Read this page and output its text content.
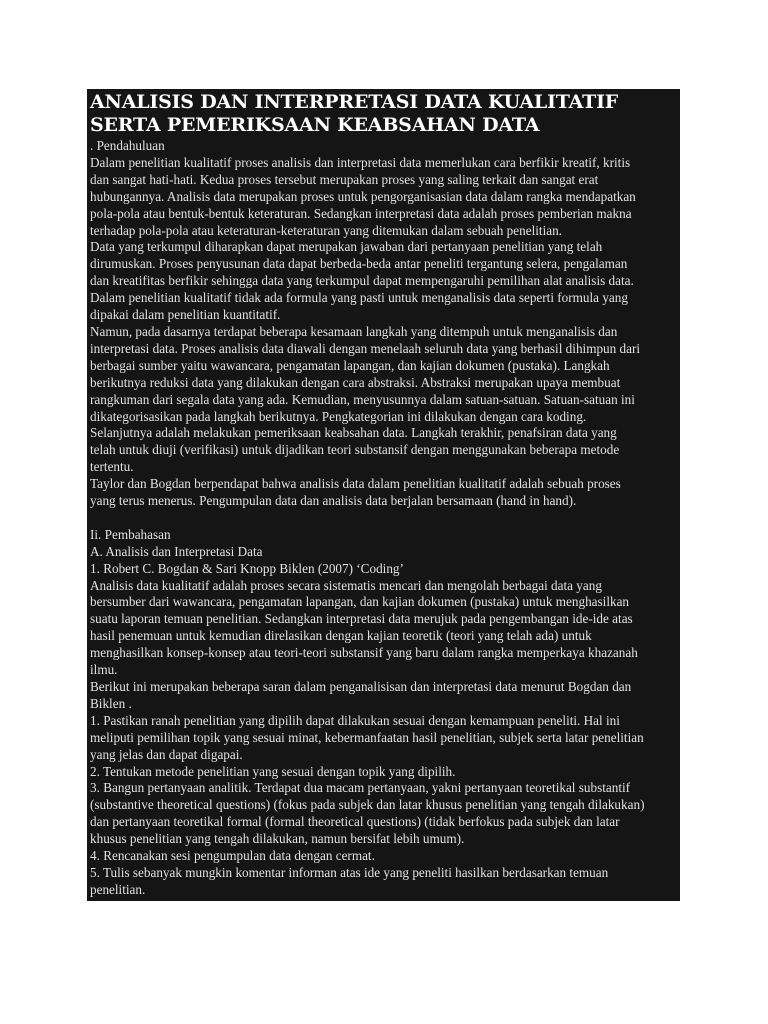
ANALISIS DAN INTERPRETASI DATA KUALITATIF SERTA PEMERIKSAAN KEABSAHAN DATA
. Pendahuluan
Dalam penelitian kualitatif proses analisis dan interpretasi data memerlukan cara berfikir kreatif, kritis
dan sangat hati-hati. Kedua proses tersebut merupakan proses yang saling terkait dan sangat erat
hubungannya. Analisis data merupakan proses untuk pengorganisasian data dalam rangka mendapatkan
pola-pola atau bentuk-bentuk keteraturan. Sedangkan interpretasi data adalah proses pemberian makna
terhadap pola-pola atau keteraturan-keteraturan yang ditemukan dalam sebuah penelitian.
Data yang terkumpul diharapkan dapat merupakan jawaban dari pertanyaan penelitian yang telah
dirumuskan. Proses penyusunan data dapat berbeda-beda antar peneliti tergantung selera, pengalaman
dan kreatifitas berfikir sehingga data yang terkumpul dapat mempengaruhi pemilihan alat analisis data.
Dalam penelitian kualitatif tidak ada formula yang pasti untuk menganalisis data seperti formula yang
dipakai dalam penelitian kuantitatif.
Namun, pada dasarnya terdapat beberapa kesamaan langkah yang ditempuh untuk menganalisis dan
interpretasi data. Proses analisis data diawali dengan menelaah seluruh data yang berhasil dihimpun dari
berbagai sumber yaitu wawancara, pengamatan lapangan, dan kajian dokumen (pustaka). Langkah
berikutnya reduksi data yang dilakukan dengan cara abstraksi. Abstraksi merupakan upaya membuat
rangkuman dari segala data yang ada. Kemudian, menyusunnya dalam satuan-satuan. Satuan-satuan ini
dikategorisasikan pada langkah berikutnya. Pengkategorian ini dilakukan dengan cara koding.
Selanjutnya adalah melakukan pemeriksaan keabsahan data. Langkah terakhir, penafsiran data yang
telah untuk diuji (verifikasi) untuk dijadikan teori substansif dengan menggunakan beberapa metode
tertentu.
Taylor dan Bogdan berpendapat bahwa analisis data dalam penelitian kualitatif adalah sebuah proses
yang terus menerus. Pengumpulan data dan analisis data berjalan bersamaan (hand in hand).
Ii. Pembahasan
A. Analisis dan Interpretasi Data
1. Robert C. Bogdan & Sari Knopp Biklen (2007) ‘Coding’
Analisis data kualitatif adalah proses secara sistematis mencari dan mengolah berbagai data yang
bersumber dari wawancara, pengamatan lapangan, dan kajian dokumen (pustaka) untuk menghasilkan
suatu laporan temuan penelitian. Sedangkan interpretasi data merujuk pada pengembangan ide-ide atas
hasil penemuan untuk kemudian direlasikan dengan kajian teoretik (teori yang telah ada) untuk
menghasilkan konsep-konsep atau teori-teori substansif yang baru dalam rangka memperkaya khazanah
ilmu.
Berikut ini merupakan beberapa saran dalam penganalisisan dan interpretasi data menurut Bogdan dan
Biklen .
1. Pastikan ranah penelitian yang dipilih dapat dilakukan sesuai dengan kemampuan peneliti. Hal ini
meliputi pemilihan topik yang sesuai minat, kebermanfaatan hasil penelitian, subjek serta latar penelitian
yang jelas dan dapat digapai.
2. Tentukan metode penelitian yang sesuai dengan topik yang dipilih.
3. Bangun pertanyaan analitik. Terdapat dua macam pertanyaan, yakni pertanyaan teoretikal substantif
(substantive theoretical questions) (fokus pada subjek dan latar khusus penelitian yang tengah dilakukan)
dan pertanyaan teoretikal formal (formal theoretical questions) (tidak berfokus pada subjek dan latar
khusus penelitian yang tengah dilakukan, namun bersifat lebih umum).
4. Rencanakan sesi pengumpulan data dengan cermat.
5. Tulis sebanyak mungkin komentar informan atas ide yang peneliti hasilkan berdasarkan temuan
penelitian.
